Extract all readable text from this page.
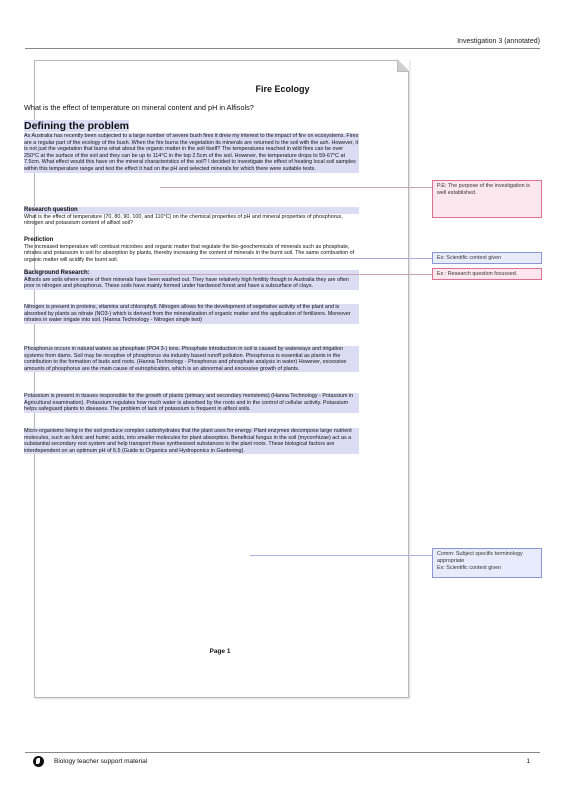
Investigation 3 (annotated)
Fire Ecology
What is the effect of temperature on mineral content and pH in Alfisols?
Defining the problem

As Australia has recently been subjected to a large number of severe bush fires it drew my interest to the impact of fire on ecosystems. Fires are a regular part of the ecology of the bush. When the fire burns the vegetation its minerals are returned to the soil with the ash. However, it is not just the vegetation that burns what about the organic matter in the soil itself? The temperatures reached in wild fires can be over 250°C at the surface of the soil and they can be up to 114°C in the top 2.5cm of the soil. However, the temperature drops to 59-67°C at 7.5cm. What effect would this have on the mineral characteristics of the soil? I decided to investigate the effect of heating local soil samples within this temperature range and test the effect it had on the pH and selected minerals for which there were suitable tests.

Research question

What is the effect of temperature (70, 80, 90, 100, and 110°C) on the chemical properties of pH and mineral properties of phosphorus, nitrogen and potassium content of alfisol soil?

Prediction

The increased temperature will combust microbes and organic matter that regulate the bio-geochemicals of minerals such as phosphate, nitrates and potassium in soil for absorption by plants, thereby increasing the content of minerals in the burnt soil. The same combustion of organic matter will acidify the burnt soil.

Background Research:

Alfisols are soils where some of their minerals have been washed out. They have relatively high fertility though in Australia they are often poor in nitrogen and phosphorus. These soils have mainly formed under hardwood forest and have a subsurface of clays.

Nitrogen is present in proteins, vitamins and chlorophyll. Nitrogen allows for the development of vegetative activity of the plant and is absorbed by plants as nitrate (NO3-) which is derived from the mineralization of organic matter and the application of fertilizers. Moreover nitrates in water irrigate into soil. (Hanna Technology - Nitrogen single test)

Phosphorus occurs in natural waters as phosphate (PO4 3-) ions. Phosphate introduction in soil is caused by waterways and irrigation systems from dams. Soil may be receptive of phosphorus via industry based runoff pollution. Phosphorus is essential as plants in the contribution to the formation of buds and roots. (Hanna Technology - Phosphorus and phosphate analysis in water) However, excessive amounts of phosphorus are the main cause of eutrophication, which is an abnormal and excessive growth of plants.

Potassium is present in tissues responsible for the growth of plants (primary and secondary meristems) (Hanna Technology - Potassium in Agricultural examination). Potassium regulates how much water is absorbed by the roots and in the control of cellular activity. Potassium helps safeguard plants to diseases. The problem of lack of potassium is frequent in alfisol soils.

Micro-organisms living in the soil produce complex carbohydrates that the plant uses for energy. Plant enzymes decompose large nutrient molecules, such as fulvic and humic acids, into smaller molecules for plant absorption. Beneficial fungus in the soil (mycorrhizae) act as a substantial secondary root system and help transport these synthesised substances to the plant roots. These biological factors are interdependent on an optimum pH of 6.5 (Guide to Organics and Hydroponics in Gardening).

Page 1
P.E: The purpose of the investigation is well established.
Ex: Scientific context given
Ex : Research question focussed.
Comm: Subject specific terminology appropriate
Ex: Scientific context given
Biology teacher support material	1
